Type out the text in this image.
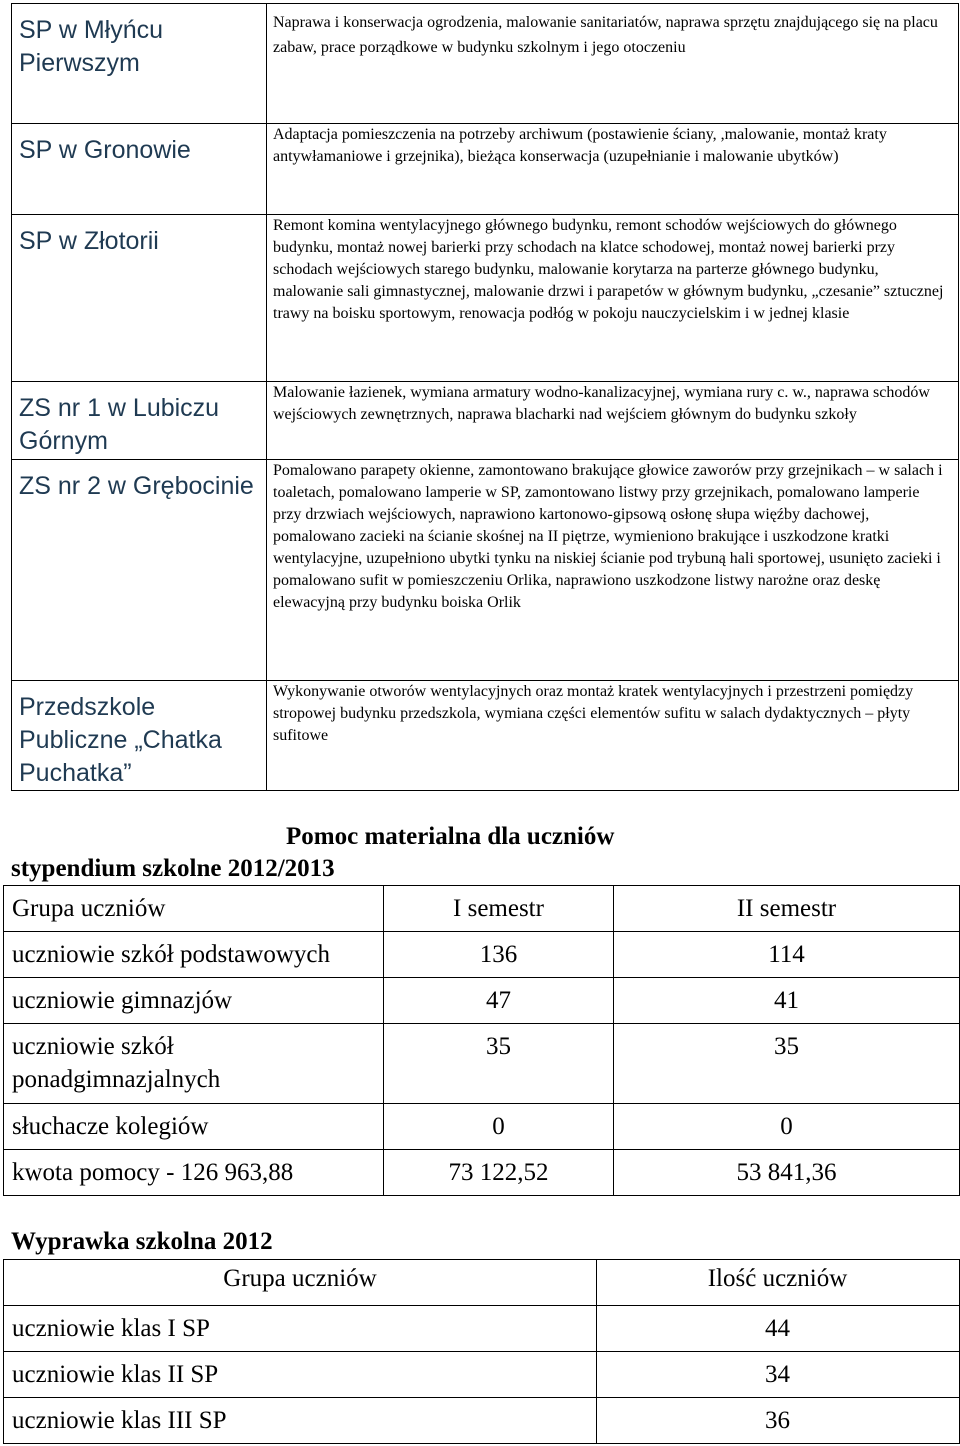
SP w Młyńcu Pierwszym	Naprawa i konserwacja ogrodzenia, malowanie sanitariatów, naprawa sprzętu znajdującego się na placu zabaw, prace porządkowe w budynku szkolnym i jego otoczeniu

SP w Gronowie	Adaptacja pomieszczenia na potrzeby archiwum (postawienie ściany, ,malowanie, montaż kraty antywłamaniowe i grzejnika), bieżąca konserwacja (uzupełnianie i malowanie ubytków)

SP w Złotorii	Remont komina wentylacyjnego głównego budynku, remont schodów wejściowych do głównego budynku, montaż nowej barierki przy schodach na klatce schodowej, montaż nowej barierki przy schodach wejściowych starego budynku, malowanie korytarza na parterze głównego budynku, malowanie sali gimnastycznej, malowanie drzwi i parapetów w głównym budynku, „czesanie” sztucznej trawy na boisku sportowym, renowacja podłóg w pokoju nauczycielskim i w jednej klasie

ZS nr 1 w Lubiczu Górnym	Malowanie łazienek, wymiana armatury wodno-kanalizacyjnej, wymiana rury c. w., naprawa schodów wejściowych zewnętrznych, naprawa blacharki nad wejściem głównym do budynku szkoły

ZS nr 2 w Grębocinie	Pomalowano parapety okienne, zamontowano brakujące głowice zaworów przy grzejnikach – w salach i toaletach, pomalowano lamperie w SP, zamontowano listwy przy grzejnikach, pomalowano lamperie przy drzwiach wejściowych, naprawiono kartonowo-gipsową osłonę słupa więźby dachowej, pomalowano zacieki na ścianie skośnej na II piętrze, wymieniono brakujące i uszkodzone kratki wentylacyjne, uzupełniono ubytki tynku na niskiej ścianie pod trybuną hali sportowej, usunięto zacieki i pomalowano sufit w pomieszczeniu Orlika, naprawiono uszkodzone listwy narożne oraz deskę elewacyjną przy budynku boiska Orlik

Przedszkole Publiczne „Chatka Puchatka”	Wykonywanie otworów wentylacyjnych oraz montaż kratek wentylacyjnych i przestrzeni pomiędzy stropowej budynku przedszkola, wymiana części elementów sufitu w salach dydaktycznych – płyty sufitowe
Pomoc materialna dla uczniów
stypendium szkolne 2012/2013
Grupa uczniów	I semestr	II semestr
uczniowie szkół podstawowych	136	114
uczniowie gimnazjów	47	41
uczniowie szkół ponadgimnazjalnych	35	35
słuchacze kolegiów	0	0
kwota pomocy - 126 963,88	73 122,52	53 841,36
Wyprawka szkolna 2012
Grupa uczniów	Ilość uczniów
uczniowie klas I SP	44
uczniowie klas II SP	34
uczniowie klas III SP	36
